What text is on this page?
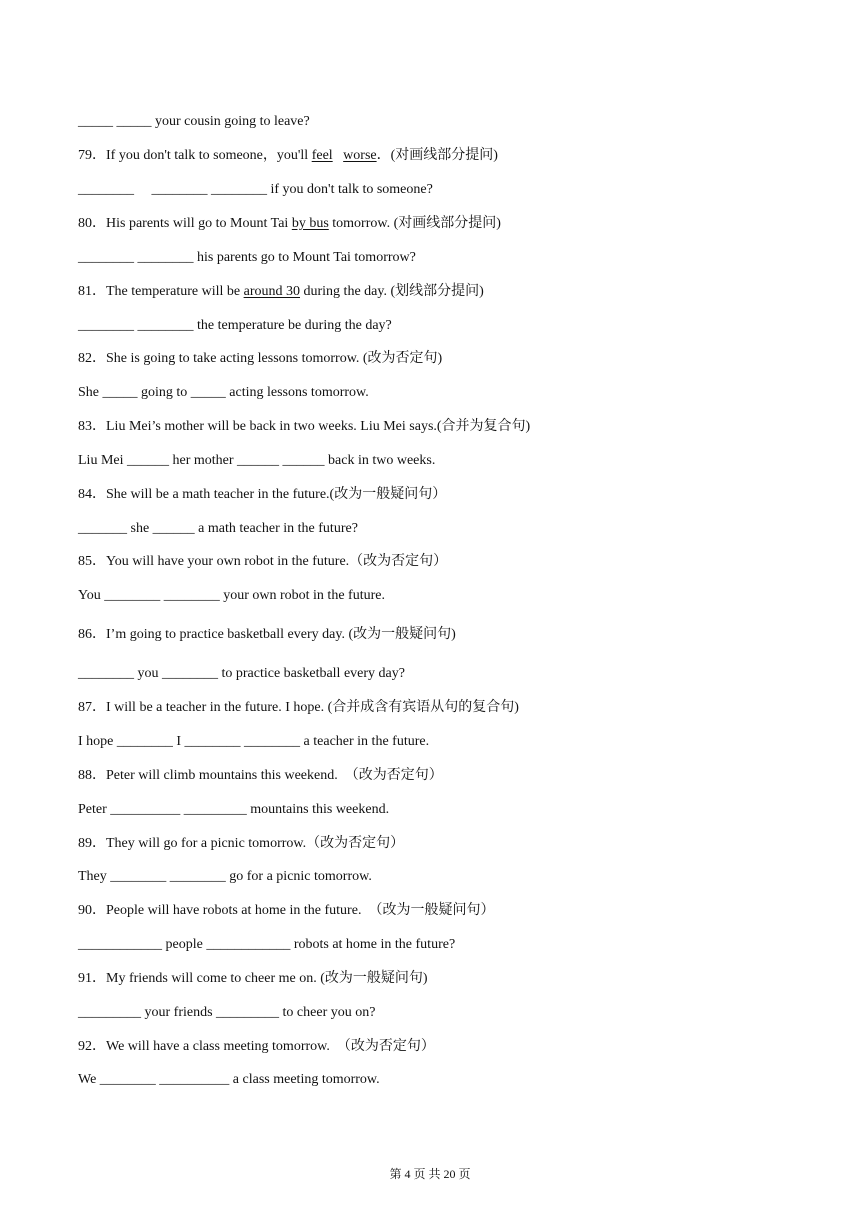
_____ _____ your cousin going to leave?
79．If you don't talk to someone，you'll feel worse．(对画线部分提问)
________     ________ ________ if you don't talk to someone?
80．His parents will go to Mount Tai by bus tomorrow. (对画线部分提问)
________ ________ his parents go to Mount Tai tomorrow?
81．The temperature will be around 30 during the day. (划线部分提问)
________ ________ the temperature be during the day?
82．She is going to take acting lessons tomorrow. (改为否定句)
She _____ going to _____ acting lessons tomorrow.
83．Liu Mei’s mother will be back in two weeks. Liu Mei says.(合并为复合句)
Liu Mei ______ her mother ______ ______ back in two weeks.
84．She will be a math teacher in the future.(改为一般疑问句）
_______ she ______ a math teacher in the future?
85．You will have your own robot in the future.（改为否定句）
You ________ ________ your own robot in the future.
86．I’m going to practice basketball every day. (改为一般疑问句)
________ you ________ to practice basketball every day?
87．I will be a teacher in the future. I hope. (合并成含有宾语从句的复合句)
I hope ________ I ________ ________ a teacher in the future.
88．Peter will climb mountains this weekend.  （改为否定句）
Peter __________ _________ mountains this weekend.
89．They will go for a picnic tomorrow.（改为否定句）
They ________ ________ go for a picnic tomorrow.
90．People will have robots at home in the future.  （改为一般疑问句）
____________ people ____________ robots at home in the future?
91．My friends will come to cheer me on. (改为一般疑问句)
_________ your friends _________ to cheer you on?
92．We will have a class meeting tomorrow.  （改为否定句）
We ________ __________ a class meeting tomorrow.
第 4 页 共 20 页
